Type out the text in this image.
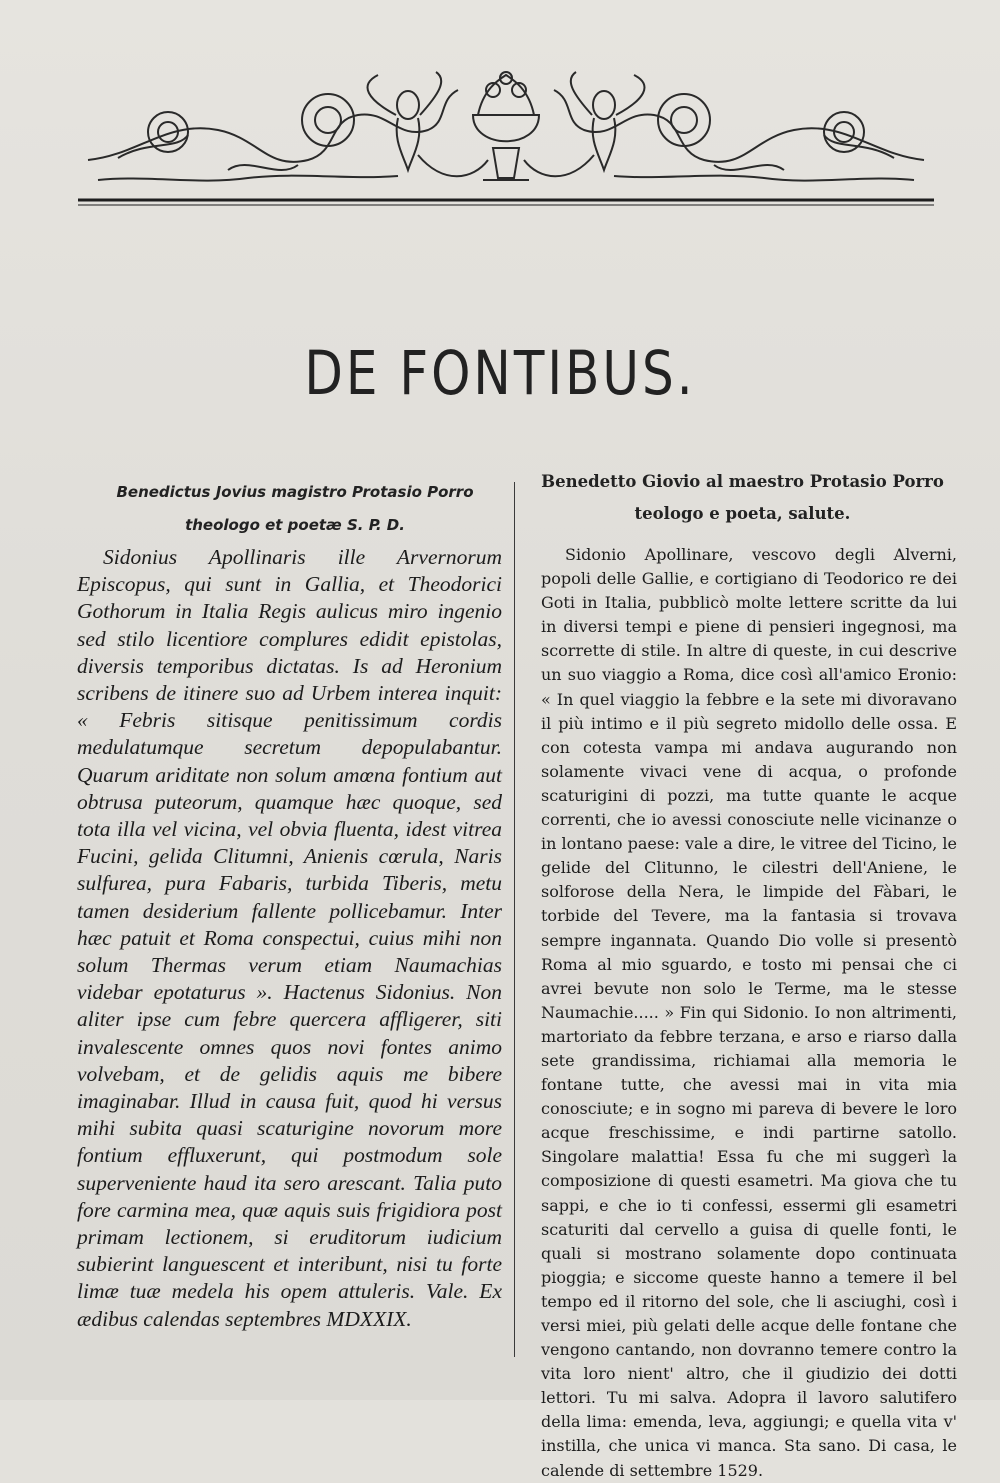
DE FONTIBUS.
Benedictus Jovius magistro Protasio Porro
theologo et poetæ S. P. D.
Sidonius Apollinaris ille Arvernorum Episcopus, qui sunt in Gallia, et Theodorici Gothorum in Italia Regis aulicus miro ingenio sed stilo licentiore complures edidit epistolas, diversis temporibus dictatas. Is ad Heronium scribens de itinere suo ad Urbem interea inquit: « Febris sitisque penitissimum cordis medulatumque secretum depopulabantur. Quarum ariditate non solum amœna fontium aut obtrusa puteorum, quamque hæc quoque, sed tota illa vel vicina, vel obvia fluenta, idest vitrea Fucini, gelida Clitumni, Anienis cœrula, Naris sulfurea, pura Fabaris, turbida Tiberis, metu tamen desiderium fallente pollicebamur. Inter hæc patuit et Roma conspectui, cuius mihi non solum Thermas verum etiam Naumachias videbar epotaturus ». Hactenus Sidonius. Non aliter ipse cum febre quercera affligerer, siti invalescente omnes quos novi fontes animo volvebam, et de gelidis aquis me bibere imaginabar. Illud in causa fuit, quod hi versus mihi subita quasi scaturigine novorum more fontium effluxerunt, qui postmodum sole superveniente haud ita sero arescant. Talia puto fore carmina mea, quæ aquis suis frigidiora post primam lectionem, si eruditorum iudicium subierint languescent et interibunt, nisi tu forte limæ tuæ medela his opem attuleris. Vale. Ex ædibus calendas septembres MDXXIX.
Benedetto Giovio al maestro Protasio Porro
teologo e poeta, salute.
Sidonio Apollinare, vescovo degli Alverni, popoli delle Gallie, e cortigiano di Teodorico re dei Goti in Italia, pubblicò molte lettere scritte da lui in diversi tempi e piene di pensieri ingegnosi, ma scorrette di stile. In altre di queste, in cui descrive un suo viaggio a Roma, dice così all'amico Eronio: « In quel viaggio la febbre e la sete mi divoravano il più intimo e il più segreto midollo delle ossa. E con cotesta vampa mi andava augurando non solamente vivaci vene di acqua, o profonde scaturigini di pozzi, ma tutte quante le acque correnti, che io avessi conosciute nelle vicinanze o in lontano paese: vale a dire, le vitree del Ticino, le gelide del Clitunno, le cilestri dell'Aniene, le solforose della Nera, le limpide del Fàbari, le torbide del Tevere, ma la fantasia si trovava sempre ingannata. Quando Dio volle si presentò Roma al mio sguardo, e tosto mi pensai che ci avrei bevute non solo le Terme, ma le stesse Naumachie..... » Fin qui Sidonio. Io non altrimenti, martoriato da febbre terzana, e arso e riarso dalla sete grandissima, richiamai alla memoria le fontane tutte, che avessi mai in vita mia conosciute; e in sogno mi pareva di bevere le loro acque freschissime, e indi partirne satollo. Singolare malattia! Essa fu che mi suggerì la composizione di questi esametri. Ma giova che tu sappi, e che io ti confessi, essermi gli esametri scaturiti dal cervello a guisa di quelle fonti, le quali si mostrano solamente dopo continuata pioggia; e siccome queste hanno a temere il bel tempo ed il ritorno del sole, che li asciughi, così i versi miei, più gelati delle acque delle fontane che vengono cantando, non dovranno temere contro la vita loro nient' altro, che il giudizio dei dotti lettori. Tu mi salva. Adopra il lavoro salutifero della lima: emenda, leva, aggiungi; e quella vita v' instilla, che unica vi manca. Sta sano. Di casa, le calende di settembre 1529.
